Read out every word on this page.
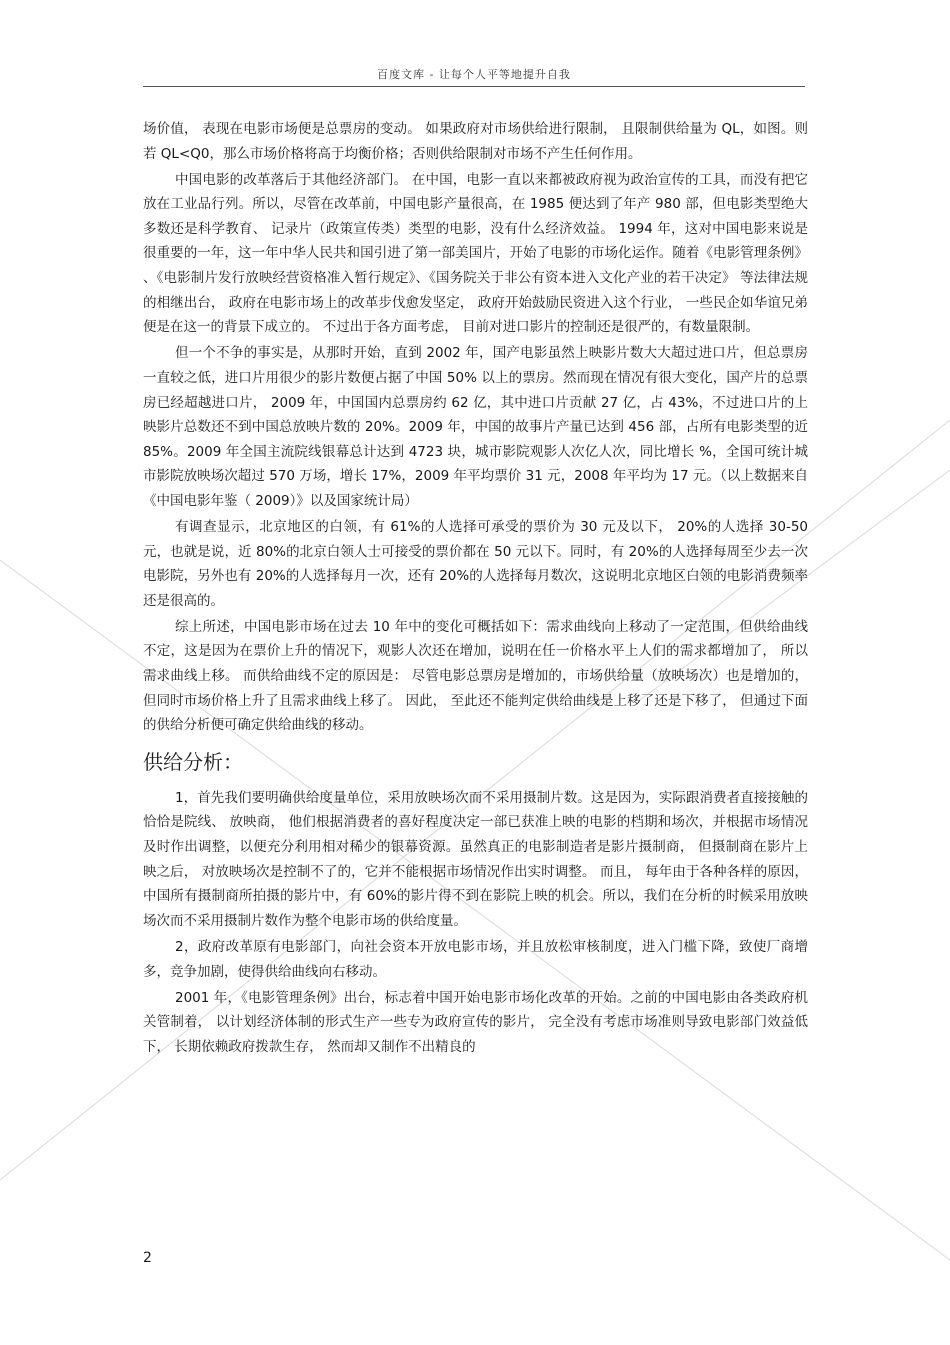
百度文库 - 让每个人平等地提升自我

场价值， 表现在电影市场便是总票房的变动。 如果政府对市场供给进行限制， 且限制供给量为 QL，如图。则若 QL<Q0，那么市场价格将高于均衡价格；否则供给限制对市场不产生任何作用。

中国电影的改革落后于其他经济部门。 在中国，电影一直以来都被政府视为政治宣传的工具，而没有把它放在工业品行列。所以，尽管在改革前，中国电影产量很高，在 1985 便达到了年产 980 部，但电影类型绝大多数还是科学教育、 记录片（政策宣传类）类型的电影，没有什么经济效益。 1994 年，这对中国电影来说是很重要的一年，这一年中华人民共和国引进了第一部美国片，开始了电影的市场化运作。随着《电影管理条例》 、《电影制片发行放映经营资格准入暂行规定》、《国务院关于非公有资本进入文化产业的若干决定》 等法律法规的相继出台， 政府在电影市场上的改革步伐愈发坚定， 政府开始鼓励民资进入这个行业， 一些民企如华谊兄弟便是在这一的背景下成立的。 不过出于各方面考虑， 目前对进口影片的控制还是很严的，有数量限制。

但一个不争的事实是，从那时开始，直到 2002 年，国产电影虽然上映影片数大大超过进口片，但总票房一直较之低，进口片用很少的影片数便占据了中国 50% 以上的票房。然而现在情况有很大变化，国产片的总票房已经超越进口片， 2009 年，中国国内总票房约 62 亿，其中进口片贡献 27 亿，占 43%，不过进口片的上映影片总数还不到中国总放映片数的 20%。2009 年，中国的故事片产量已达到 456 部，占所有电影类型的近 85%。2009 年全国主流院线银幕总计达到 4723 块，城市影院观影人次亿人次，同比增长 %，全国可统计城市影院放映场次超过 570 万场，增长 17%，2009 年平均票价 31 元，2008 年平均为 17 元。（以上数据来自《中国电影年鉴（ 2009）》以及国家统计局）

有调查显示，北京地区的白领，有 61%的人选择可承受的票价为 30 元及以下， 20%的人选择 30-50 元，也就是说，近 80%的北京白领人士可接受的票价都在 50 元以下。同时，有 20%的人选择每周至少去一次电影院，另外也有 20%的人选择每月一次，还有 20%的人选择每月数次，这说明北京地区白领的电影消费频率还是很高的。

综上所述，中国电影市场在过去 10 年中的变化可概括如下：需求曲线向上移动了一定范围，但供给曲线不定，这是因为在票价上升的情况下，观影人次还在增加，说明在任一价格水平上人们的需求都增加了， 所以需求曲线上移。 而供给曲线不定的原因是： 尽管电影总票房是增加的，市场供给量（放映场次）也是增加的，但同时市场价格上升了且需求曲线上移了。 因此， 至此还不能判定供给曲线是上移了还是下移了， 但通过下面的供给分析便可确定供给曲线的移动。

供给分析：

1，首先我们要明确供给度量单位，采用放映场次而不采用摄制片数。这是因为，实际跟消费者直接接触的恰恰是院线、 放映商， 他们根据消费者的喜好程度决定一部已获准上映的电影的档期和场次，并根据市场情况及时作出调整，以便充分利用相对稀少的银幕资源。虽然真正的电影制造者是影片摄制商， 但摄制商在影片上映之后， 对放映场次是控制不了的，它并不能根据市场情况作出实时调整。 而且， 每年由于各种各样的原因， 中国所有摄制商所拍摄的影片中，有 60%的影片得不到在影院上映的机会。所以，我们在分析的时候采用放映场次而不采用摄制片数作为整个电影市场的供给度量。

2，政府改革原有电影部门，向社会资本开放电影市场，并且放松审核制度，进入门槛下降，致使厂商增多，竞争加剧，使得供给曲线向右移动。

2001 年，《电影管理条例》出台，标志着中国开始电影市场化改革的开始。之前的中国电影由各类政府机关管制着， 以计划经济体制的形式生产一些专为政府宣传的影片， 完全没有考虑市场准则导致电影部门效益低下， 长期依赖政府拨款生存， 然而却又制作不出精良的

2
